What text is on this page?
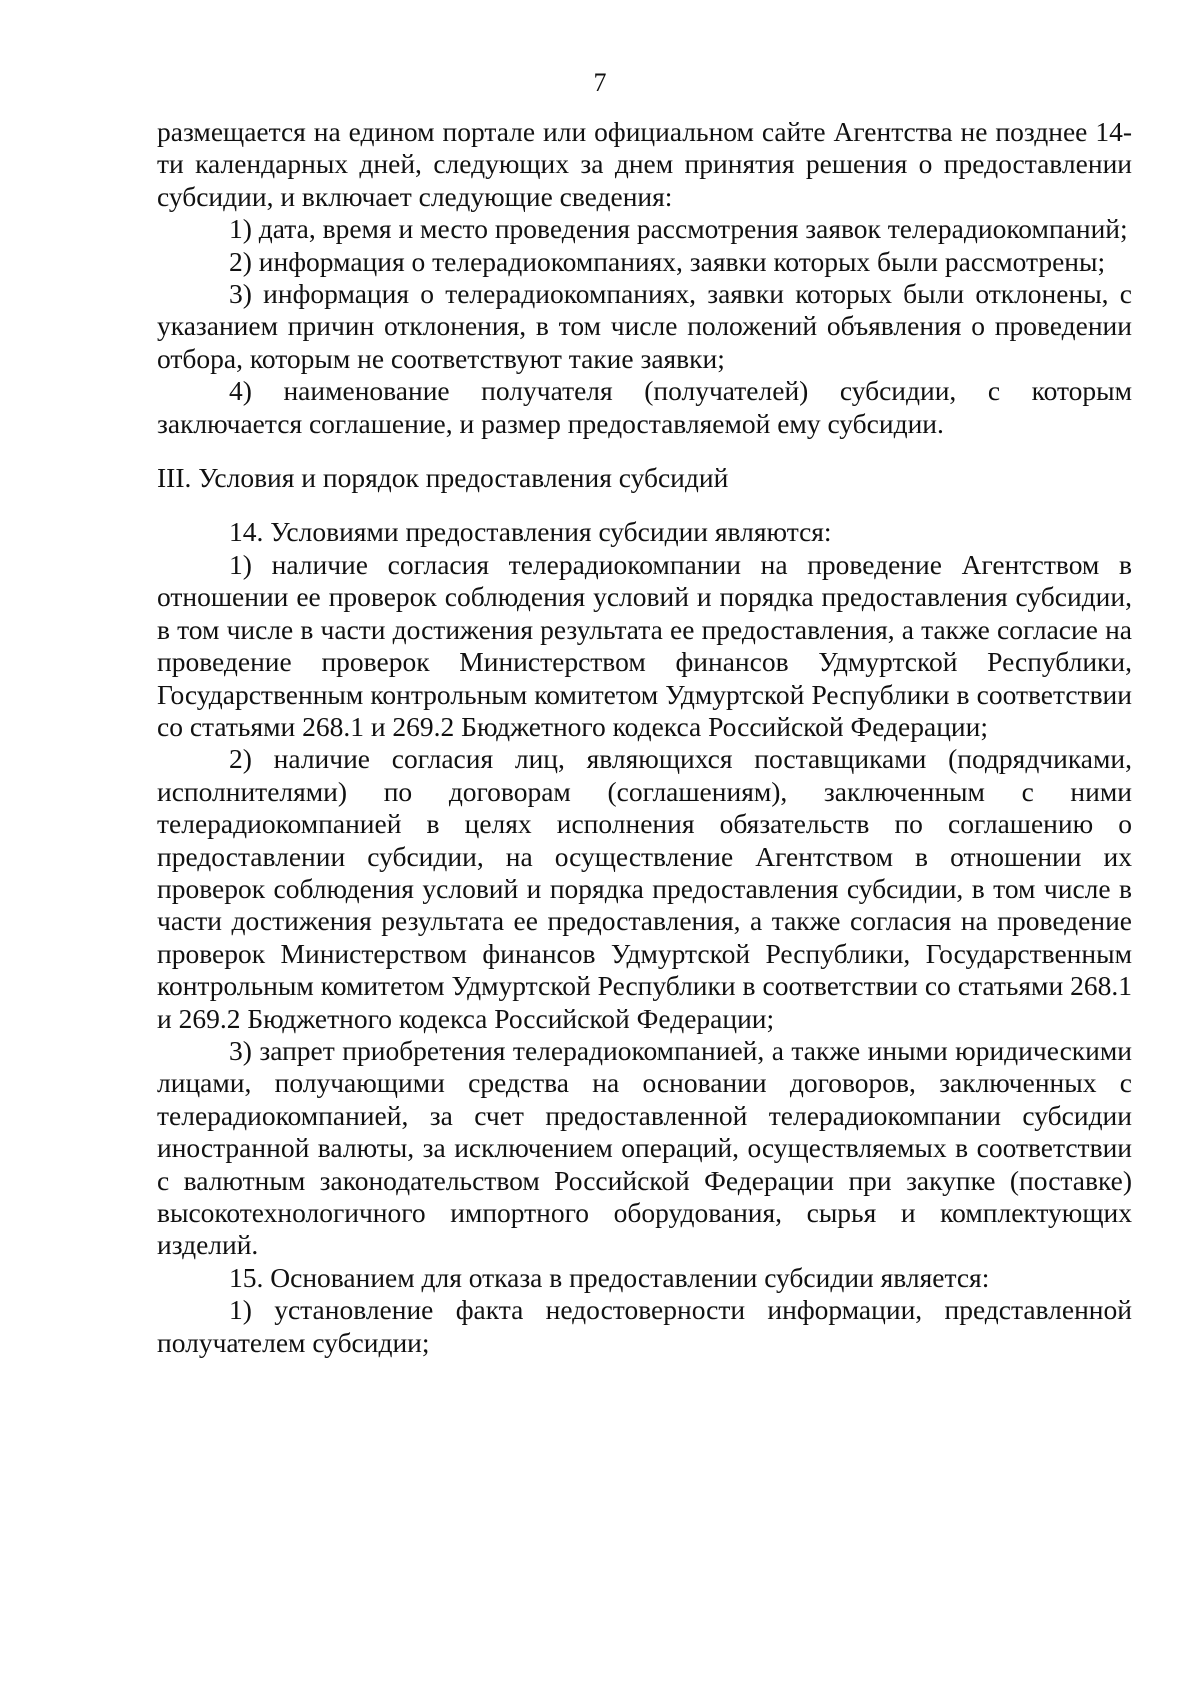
7

размещается на едином портале или официальном сайте Агентства не позднее 14-ти календарных дней, следующих за днем принятия решения о предоставлении субсидии, и включает следующие сведения:

1) дата, время и место проведения рассмотрения заявок телерадиокомпаний;

2) информация о телерадиокомпаниях, заявки которых были рассмотрены;

3) информация о телерадиокомпаниях, заявки которых были отклонены, с указанием причин отклонения, в том числе положений объявления о проведении отбора, которым не соответствуют такие заявки;

4) наименование получателя (получателей) субсидии, с которым заключается соглашение, и размер предоставляемой ему субсидии.

III. Условия и порядок предоставления субсидий

14. Условиями предоставления субсидии являются:

1) наличие согласия телерадиокомпании на проведение Агентством в отношении ее проверок соблюдения условий и порядка предоставления субсидии, в том числе в части достижения результата ее предоставления, а также согласие на проведение проверок Министерством финансов Удмуртской Республики, Государственным контрольным комитетом Удмуртской Республики в соответствии со статьями 268.1 и 269.2 Бюджетного кодекса Российской Федерации;

2) наличие согласия лиц, являющихся поставщиками (подрядчиками, исполнителями) по договорам (соглашениям), заключенным с ними телерадиокомпанией в целях исполнения обязательств по соглашению о предоставлении субсидии, на осуществление Агентством в отношении их проверок соблюдения условий и порядка предоставления субсидии, в том числе в части достижения результата ее предоставления, а также согласия на проведение проверок Министерством финансов Удмуртской Республики, Государственным контрольным комитетом Удмуртской Республики в соответствии со статьями 268.1 и 269.2 Бюджетного кодекса Российской Федерации;

3) запрет приобретения телерадиокомпанией, а также иными юридическими лицами, получающими средства на основании договоров, заключенных с телерадиокомпанией, за счет предоставленной телерадиокомпании субсидии иностранной валюты, за исключением операций, осуществляемых в соответствии с валютным законодательством Российской Федерации при закупке (поставке) высокотехнологичного импортного оборудования, сырья и комплектующих изделий.

15. Основанием для отказа в предоставлении субсидии является:

1) установление факта недостоверности информации, представленной получателем субсидии;
